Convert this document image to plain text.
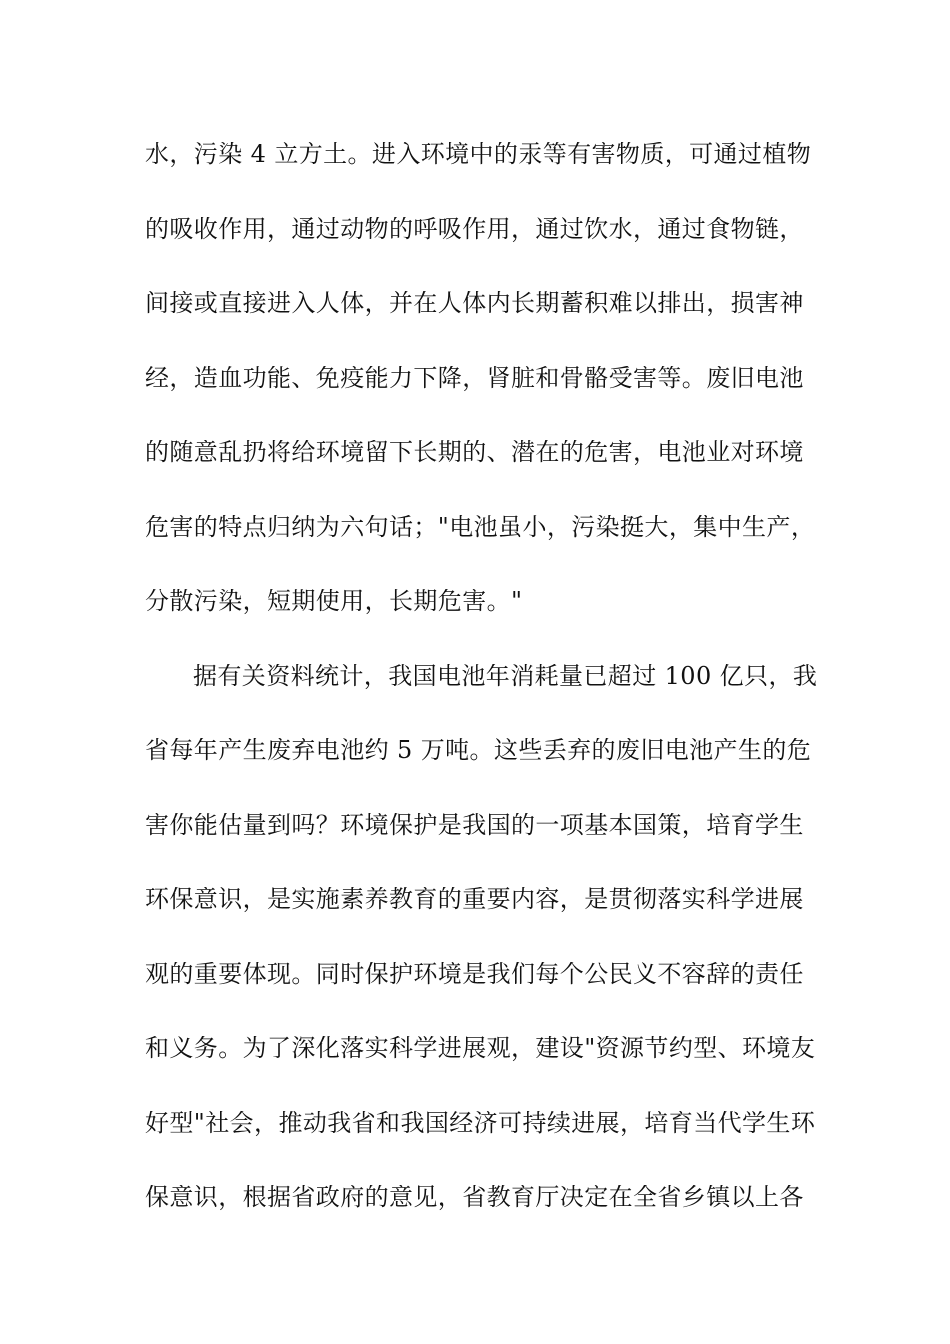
水，污染 4 立方土。进入环境中的汞等有害物质，可通过植物
的吸收作用，通过动物的呼吸作用，通过饮水，通过食物链，
间接或直接进入人体，并在人体内长期蓄积难以排出，损害神
经，造血功能、免疫能力下降，肾脏和骨骼受害等。废旧电池
的随意乱扔将给环境留下长期的、潜在的危害，电池业对环境
危害的特点归纳为六句话；"电池虽小，污染挺大，集中生产，
分散污染，短期使用，长期危害。"
据有关资料统计，我国电池年消耗量已超过 100 亿只，我
省每年产生废弃电池约 5 万吨。这些丢弃的废旧电池产生的危
害你能估量到吗？环境保护是我国的一项基本国策，培育学生
环保意识，是实施素养教育的重要内容，是贯彻落实科学进展
观的重要体现。同时保护环境是我们每个公民义不容辞的责任
和义务。为了深化落实科学进展观，建设"资源节约型、环境友
好型"社会，推动我省和我国经济可持续进展，培育当代学生环
保意识，根据省政府的意见，省教育厅决定在全省乡镇以上各
